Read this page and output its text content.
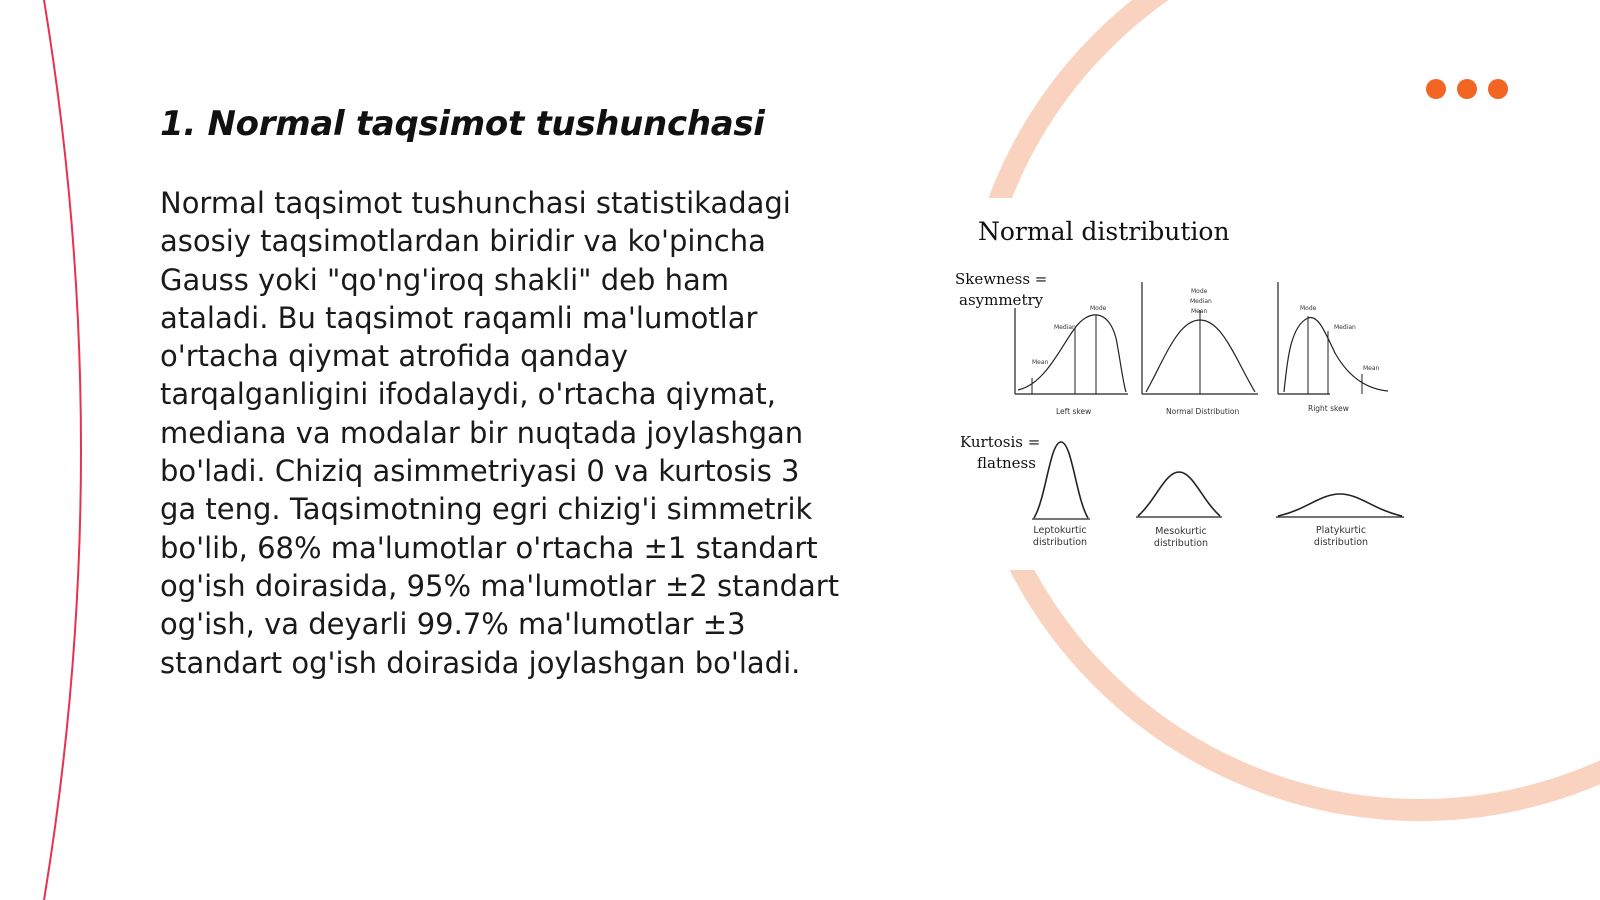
1. Normal taqsimot tushunchasi

Normal taqsimot tushunchasi statistikadagi asosiy taqsimotlardan biridir va ko'pincha Gauss yoki "qo'ng'iroq shakli" deb ham ataladi. Bu taqsimot raqamli ma'lumotlar o'rtacha qiymat atrofida qanday tarqalganligini ifodalaydi, o'rtacha qiymat, mediana va modalar bir nuqtada joylashgan bo'ladi. Chiziq asimmetriyasi 0 va kurtosis 3 ga teng. Taqsimotning egri chizig'i simmetrik bo'lib, 68% ma'lumotlar o'rtacha ±1 standart og'ish doirasida, 95% ma'lumotlar ±2 standart og'ish, va deyarli 99.7% ma'lumotlar ±3 standart og'ish doirasida joylashgan bo'ladi.

Normal distribution
Skewness =
asymmetry
Mean
Median
Mode
Left skew
Mode
Median
Mean
Normal Distribution
Mode
Median
Mean
Right skew
Kurtosis =
flatness
Leptokurtic
distribution
Mesokurtic
distribution
Platykurtic
distribution
